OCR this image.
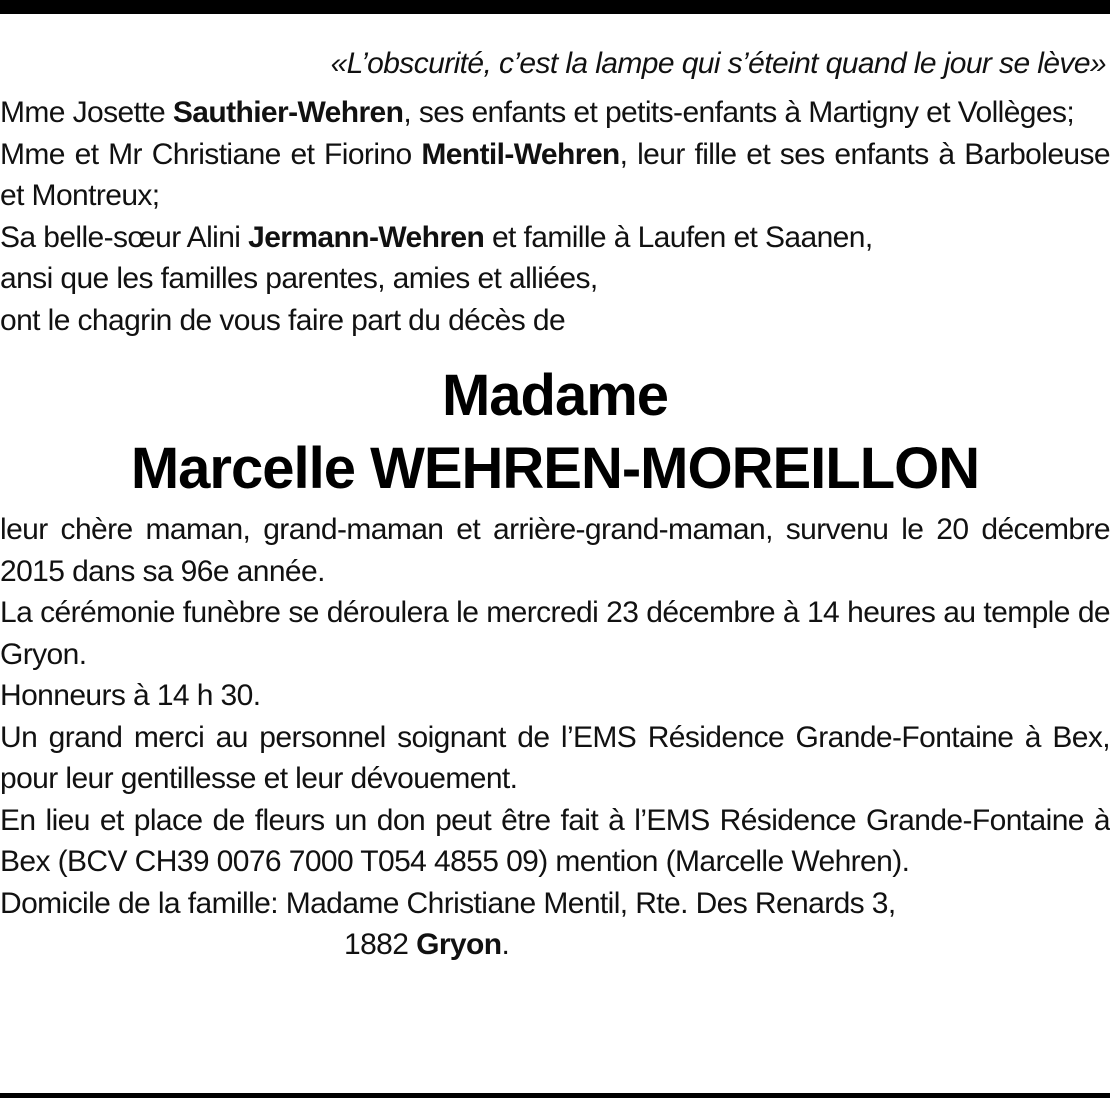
«L’obscurité, c’est la lampe qui s’éteint quand le jour se lève»

Mme Josette Sauthier-Wehren, ses enfants et petits-enfants à Martigny et Vollèges;

Mme et Mr Christiane et Fiorino Mentil-Wehren, leur fille et ses enfants à Barboleuse et Montreux;

Sa belle-sœur Alini Jermann-Wehren et famille à Laufen et Saanen,

ansi que les familles parentes, amies et alliées,

ont le chagrin de vous faire part du décès de

Madame
Marcelle WEHREN-MOREILLON

leur chère maman, grand-maman et arrière-grand-maman, survenu le 20 décembre 2015 dans sa 96e année.

La cérémonie funèbre se déroulera le mercredi 23 décembre à 14 heures au temple de Gryon.

Honneurs à 14 h 30.

Un grand merci au personnel soignant de l’EMS Résidence Grande-Fontaine à Bex, pour leur gentillesse et leur dévouement.

En lieu et place de fleurs un don peut être fait à l’EMS Résidence Grande-Fontaine à Bex (BCV CH39 0076 7000 T054 4855 09) mention (Marcelle Wehren).

Domicile de la famille: Madame Christiane Mentil, Rte. Des Renards 3,

1882 Gryon.
